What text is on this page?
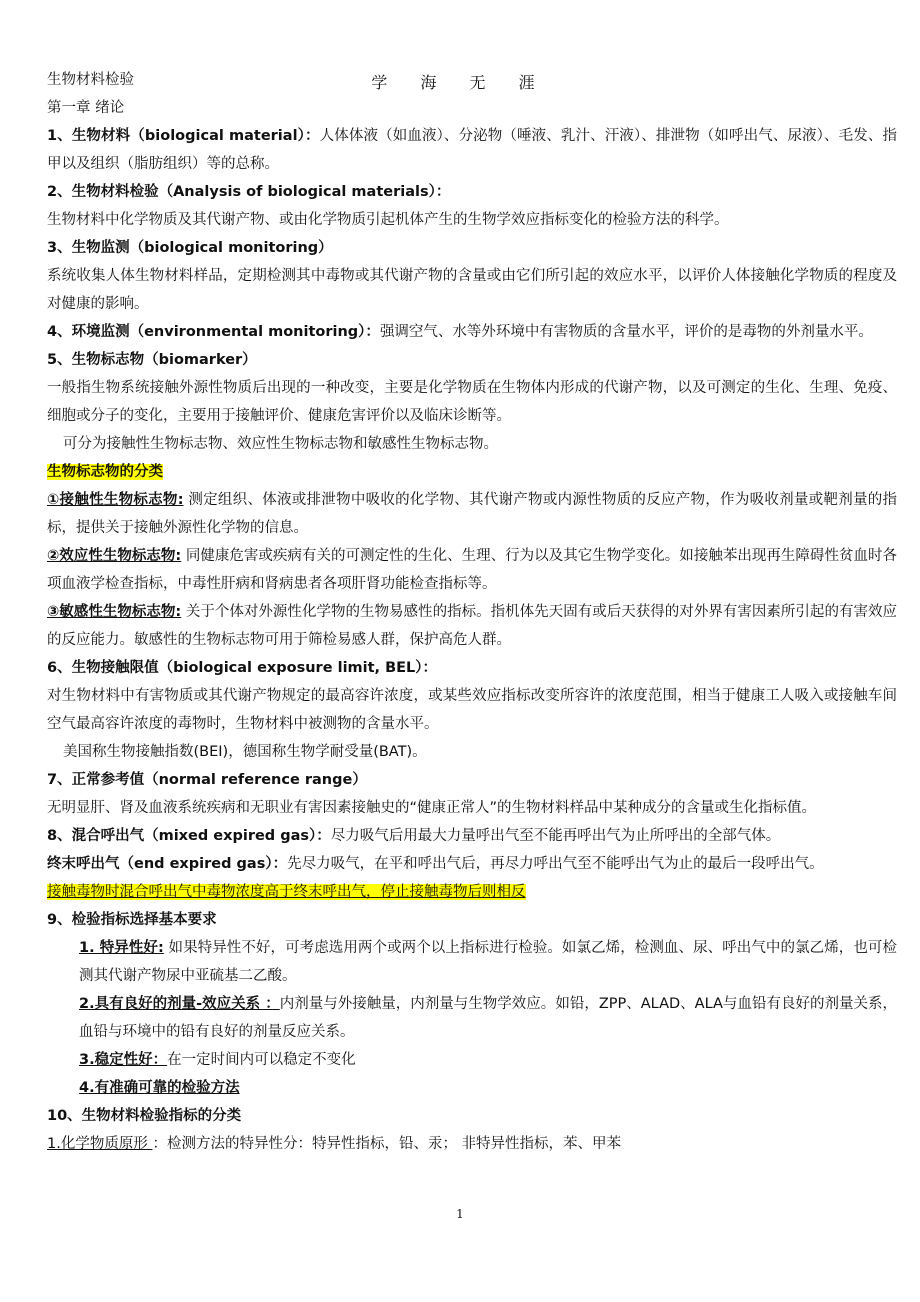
学 海 无 涯

生物材料检验

第一章 绪论

1、生物材料（biological material）：人体体液（如血液）、分泌物（唾液、乳汁、汗液）、排泄物（如呼出气、尿液）、毛发、指甲以及组织（脂肪组织）等的总称。

2、生物材料检验（Analysis of biological materials）：

生物材料中化学物质及其代谢产物、或由化学物质引起机体产生的生物学效应指标变化的检验方法的科学。

3、生物监测（biological monitoring）

系统收集人体生物材料样品，定期检测其中毒物或其代谢产物的含量或由它们所引起的效应水平，以评价人体接触化学物质的程度及对健康的影响。

4、环境监测（environmental monitoring）：强调空气、水等外环境中有害物质的含量水平，评价的是毒物的外剂量水平。

5、生物标志物（biomarker）

一般指生物系统接触外源性物质后出现的一种改变，主要是化学物质在生物体内形成的代谢产物，以及可测定的生化、生理、免疫、细胞或分子的变化，主要用于接触评价、健康危害评价以及临床诊断等。

可分为接触性生物标志物、效应性生物标志物和敏感性生物标志物。

生物标志物的分类

①接触性生物标志物: 测定组织、体液或排泄物中吸收的化学物、其代谢产物或内源性物质的反应产物，作为吸收剂量或靶剂量的指标，提供关于接触外源性化学物的信息。

②效应性生物标志物: 同健康危害或疾病有关的可测定性的生化、生理、行为以及其它生物学变化。如接触苯出现再生障碍性贫血时各项血液学检查指标，中毒性肝病和肾病患者各项肝肾功能检查指标等。

③敏感性生物标志物: 关于个体对外源性化学物的生物易感性的指标。指机体先天固有或后天获得的对外界有害因素所引起的有害效应的反应能力。敏感性的生物标志物可用于筛检易感人群，保护高危人群。

6、生物接触限值（biological exposure limit, BEL）：

对生物材料中有害物质或其代谢产物规定的最高容许浓度，或某些效应指标改变所容许的浓度范围，相当于健康工人吸入或接触车间空气最高容许浓度的毒物时，生物材料中被测物的含量水平。

美国称生物接触指数(BEI)，德国称生物学耐受量(BAT)。

7、正常参考值（normal reference range）

无明显肝、肾及血液系统疾病和无职业有害因素接触史的“健康正常人”的生物材料样品中某种成分的含量或生化指标值。

8、混合呼出气（mixed expired gas）：尽力吸气后用最大力量呼出气至不能再呼出气为止所呼出的全部气体。

终末呼出气（end expired gas）：先尽力吸气，在平和呼出气后，再尽力呼出气至不能呼出气为止的最后一段呼出气。

接触毒物时混合呼出气中毒物浓度高于终末呼出气，停止接触毒物后则相反

9、检验指标选择基本要求

1. 特异性好: 如果特异性不好，可考虑选用两个或两个以上指标进行检验。如氯乙烯，检测血、尿、呼出气中的氯乙烯，也可检测其代谢产物尿中亚硫基二乙酸。

2.具有良好的剂量-效应关系 ：内剂量与外接触量，内剂量与生物学效应。如铅，ZPP、ALAD、ALA与血铅有良好的剂量关系，血铅与环境中的铅有良好的剂量反应关系。

3.稳定性好：在一定时间内可以稳定不变化

4.有准确可靠的检验方法

10、生物材料检验指标的分类

1.化学物质原形 ：检测方法的特异性分：特异性指标，铅、汞； 非特异性指标，苯、甲苯

1
